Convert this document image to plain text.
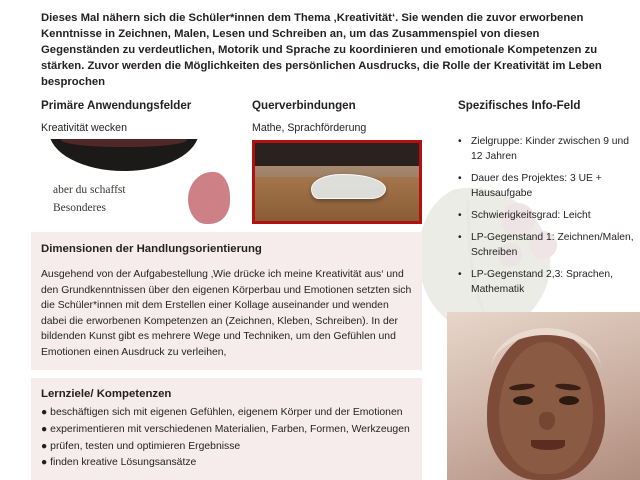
Dieses Mal nähern sich die Schüler*innen dem Thema ‚Kreativität‘. Sie wenden die zuvor erworbenen Kenntnisse in Zeichnen, Malen, Lesen und Schreiben an, um das Zusammenspiel von diesen Gegenständen zu verdeutlichen, Motorik und Sprache zu koordinieren und emotionale Kompetenzen zu stärken. Zuvor werden die Möglichkeiten des persönlichen Ausdrucks, die Rolle der Kreativität im Leben besprochen
Primäre Anwendungsfelder	Querverbindungen	Spezifisches Info-Feld
Kreativität wecken	Mathe, Sprachförderung
• Zielgruppe: Kinder zwischen 9 und 12 Jahren
• Dauer des Projektes: 3 UE + Hausaufgabe
• Schwierigkeitsgrad: Leicht
• LP-Gegenstand 1: Zeichnen/Malen, Schreiben
• LP-Gegenstand 2,3: Sprachen, Mathematik
aber du schaffst
Besonderes
Dimensionen der Handlungsorientierung
Ausgehend von der Aufgabestellung ‚Wie drücke ich meine Kreativität aus‘ und den Grundkenntnissen über den eigenen Körperbau und Emotionen setzten sich die Schüler*innen mit dem Erstellen einer Kollage auseinander und wenden dabei die erworbenen Kompetenzen an (Zeichnen, Kleben, Schreiben). In der bildenden Kunst gibt es mehrere Wege und Techniken, um den Gefühlen und Emotionen einen Ausdruck zu verleihen,
Lernziele/ Kompetenzen
● beschäftigen sich mit eigenen Gefühlen, eigenem Körper und der Emotionen
● experimentieren mit verschiedenen Materialien, Farben, Formen, Werkzeugen
● prüfen, testen und optimieren Ergebnisse
● finden kreative Lösungsansätze
